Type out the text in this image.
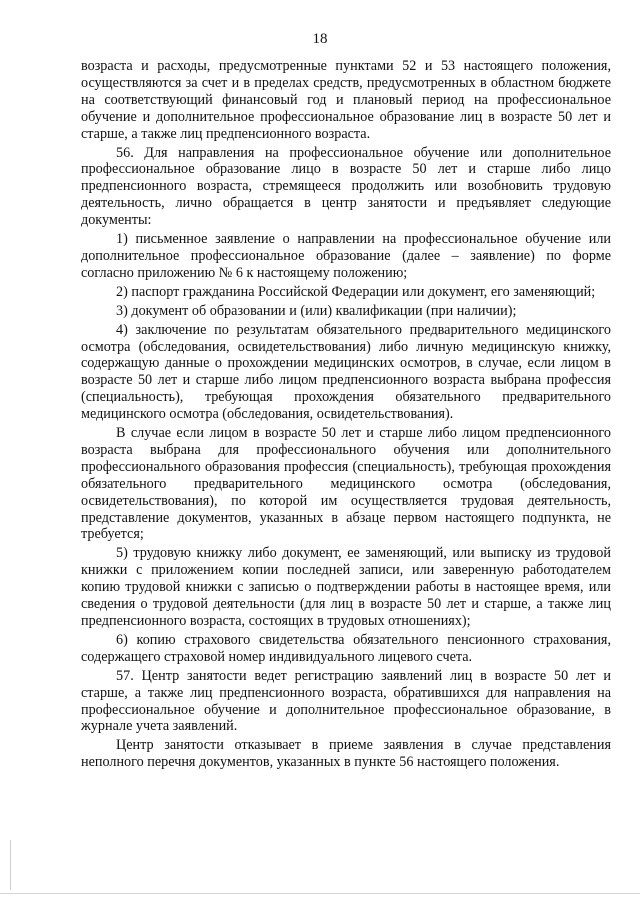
18

возраста и расходы, предусмотренные пунктами 52 и 53 настоящего положения, осуществляются за счет и в пределах средств, предусмотренных в областном бюджете на соответствующий финансовый год и плановый период на профессиональное обучение и дополнительное профессиональное образование лиц в возрасте 50 лет и старше, а также лиц предпенсионного возраста.

56. Для направления на профессиональное обучение или дополнительное профессиональное образование лицо в возрасте 50 лет и старше либо лицо предпенсионного возраста, стремящееся продолжить или возобновить трудовую деятельность, лично обращается в центр занятости и предъявляет следующие документы:

1) письменное заявление о направлении на профессиональное обучение или дополнительное профессиональное образование (далее – заявление) по форме согласно приложению № 6 к настоящему положению;

2) паспорт гражданина Российской Федерации или документ, его заменяющий;

3) документ об образовании и (или) квалификации (при наличии);

4) заключение по результатам обязательного предварительного медицинского осмотра (обследования, освидетельствования) либо личную медицинскую книжку, содержащую данные о прохождении медицинских осмотров, в случае, если лицом в возрасте 50 лет и старше либо лицом предпенсионного возраста выбрана профессия (специальность), требующая прохождения обязательного предварительного медицинского осмотра (обследования, освидетельствования).

В случае если лицом в возрасте 50 лет и старше либо лицом предпенсионного возраста выбрана для профессионального обучения или дополнительного профессионального образования профессия (специальность), требующая прохождения обязательного предварительного медицинского осмотра (обследования, освидетельствования), по которой им осуществляется трудовая деятельность, представление документов, указанных в абзаце первом настоящего подпункта, не требуется;

5) трудовую книжку либо документ, ее заменяющий, или выписку из трудовой книжки с приложением копии последней записи, или заверенную работодателем копию трудовой книжки с записью о подтверждении работы в настоящее время, или сведения о трудовой деятельности (для лиц в возрасте 50 лет и старше, а также лиц предпенсионного возраста, состоящих в трудовых отношениях);

6) копию страхового свидетельства обязательного пенсионного страхования, содержащего страховой номер индивидуального лицевого счета.

57. Центр занятости ведет регистрацию заявлений лиц в возрасте 50 лет и старше, а также лиц предпенсионного возраста, обратившихся для направления на профессиональное обучение и дополнительное профессиональное образование, в журнале учета заявлений.

Центр занятости отказывает в приеме заявления в случае представления неполного перечня документов, указанных в пункте 56 настоящего положения.
